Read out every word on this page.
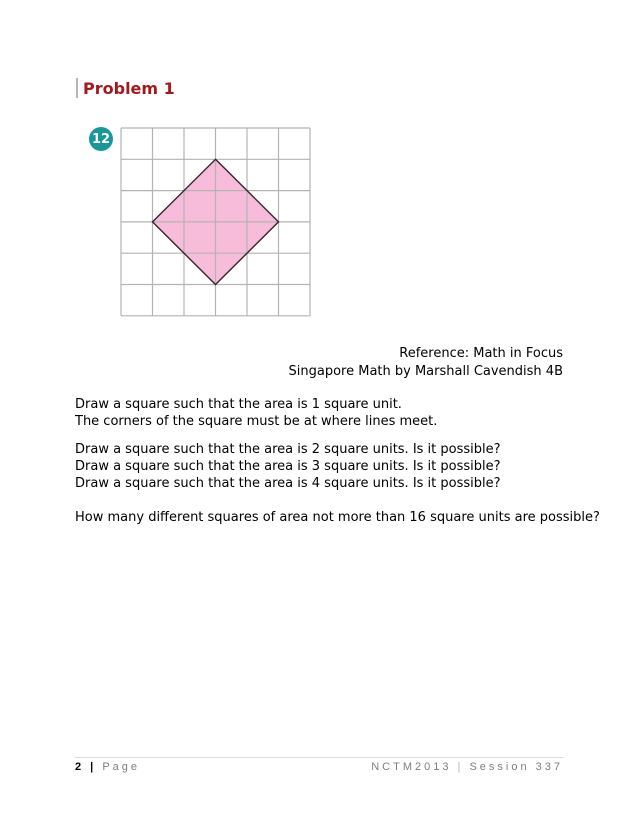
Problem 1
12
Reference: Math in Focus
Singapore Math by Marshall Cavendish 4B
Draw a square such that the area is 1 square unit.
The corners of the square must be at where lines meet.
Draw a square such that the area is 2 square units. Is it possible?
Draw a square such that the area is 3 square units. Is it possible?
Draw a square such that the area is 4 square units. Is it possible?
How many different squares of area not more than 16 square units are possible?
2 | Page	NCTM2013 | Session 337
